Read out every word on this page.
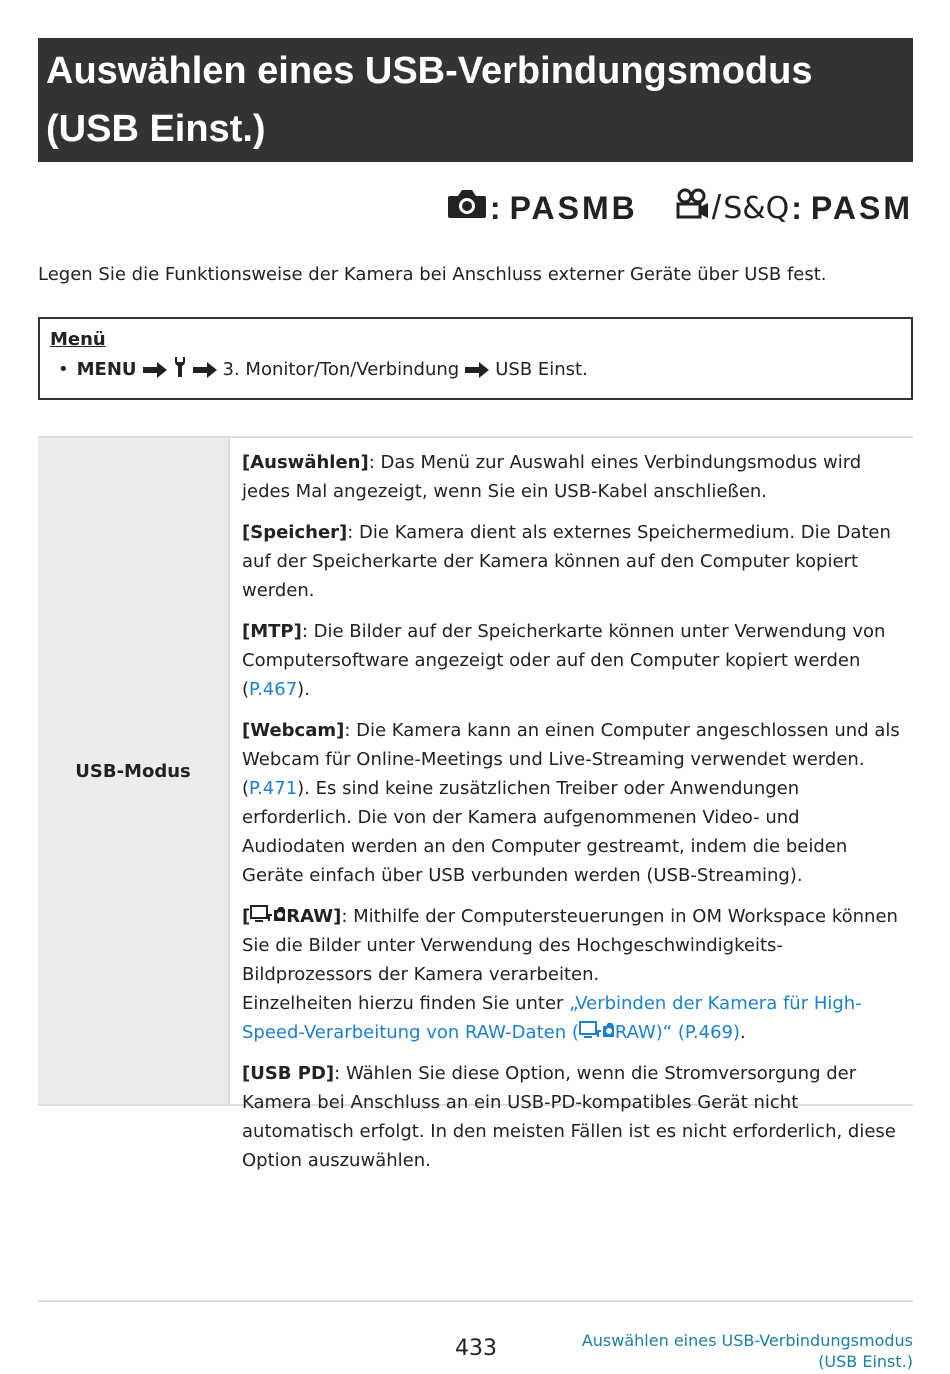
Auswählen eines USB-Verbindungsmodus
(USB Einst.)
: PASMB / S&Q : PASM
Legen Sie die Funktionsweise der Kamera bei Anschluss externer Geräte über USB fest.
Menü
• MENU	3. Monitor/Ton/Verbindung USB Einst.
USB-Modus

[Auswählen]: Das Menü zur Auswahl eines Verbindungsmodus wird jedes Mal angezeigt, wenn Sie ein USB-Kabel anschließen.

[Speicher]: Die Kamera dient als externes Speichermedium. Die Daten auf der Speicherkarte der Kamera können auf den Computer kopiert werden.

[MTP]: Die Bilder auf der Speicherkarte können unter Verwendung von Computersoftware angezeigt oder auf den Computer kopiert werden (P.467).

[Webcam]: Die Kamera kann an einen Computer angeschlossen und als Webcam für Online-Meetings und Live-Streaming verwendet werden. (P.471). Es sind keine zusätzlichen Treiber oder Anwendungen erforderlich. Die von der Kamera aufgenommenen Video- und Audiodaten werden an den Computer gestreamt, indem die beiden Geräte einfach über USB verbunden werden (USB-Streaming).

[ RAW]: Mithilfe der Computersteuerungen in OM Workspace können Sie die Bilder unter Verwendung des Hochgeschwindigkeits-Bildprozessors der Kamera verarbeiten.
Einzelheiten hierzu finden Sie unter „Verbinden der Kamera für High-Speed-Verarbeitung von RAW-Daten ( RAW)“ (P.469).

[USB PD]: Wählen Sie diese Option, wenn die Stromversorgung der Kamera bei Anschluss an ein USB-PD-kompatibles Gerät nicht automatisch erfolgt. In den meisten Fällen ist es nicht erforderlich, diese Option auszuwählen.

433	Auswählen eines USB-Verbindungsmodus
(USB Einst.)
